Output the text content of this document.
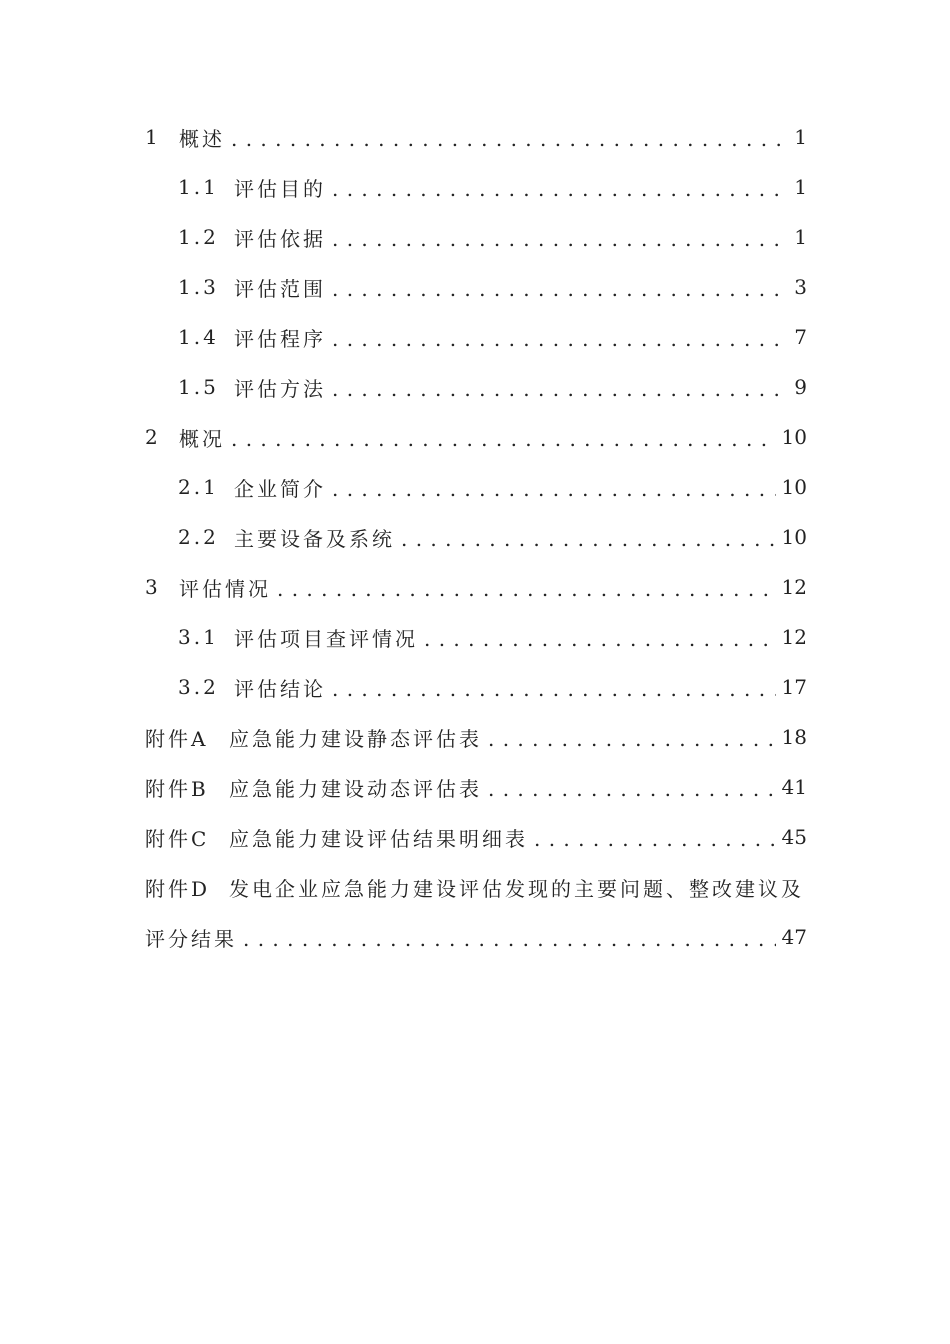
1 概述 . . .	1
1.1 评估目的 . . .	1
1.2 评估依据 . . .	1
1.3 评估范围 . . .	3
1.4 评估程序 . . .	7
1.5 评估方法 . . .	9
2 概况 . . .	10
2.1 企业简介 . . .	10
2.2 主要设备及系统 . . .	10
3 评估情况 . . .	12
3.1 评估项目查评情况 . . .	12
3.2 评估结论 . . .	17
附件A	应急能力建设静态评估表 . . .	18
附件B	应急能力建设动态评估表 . . .	41
附件C 应急能力建设评估结果明细表 . . .	45
附件D 发电企业应急能力建设评估发现的主要问题、整改建议及
评分结果 . . .	47
